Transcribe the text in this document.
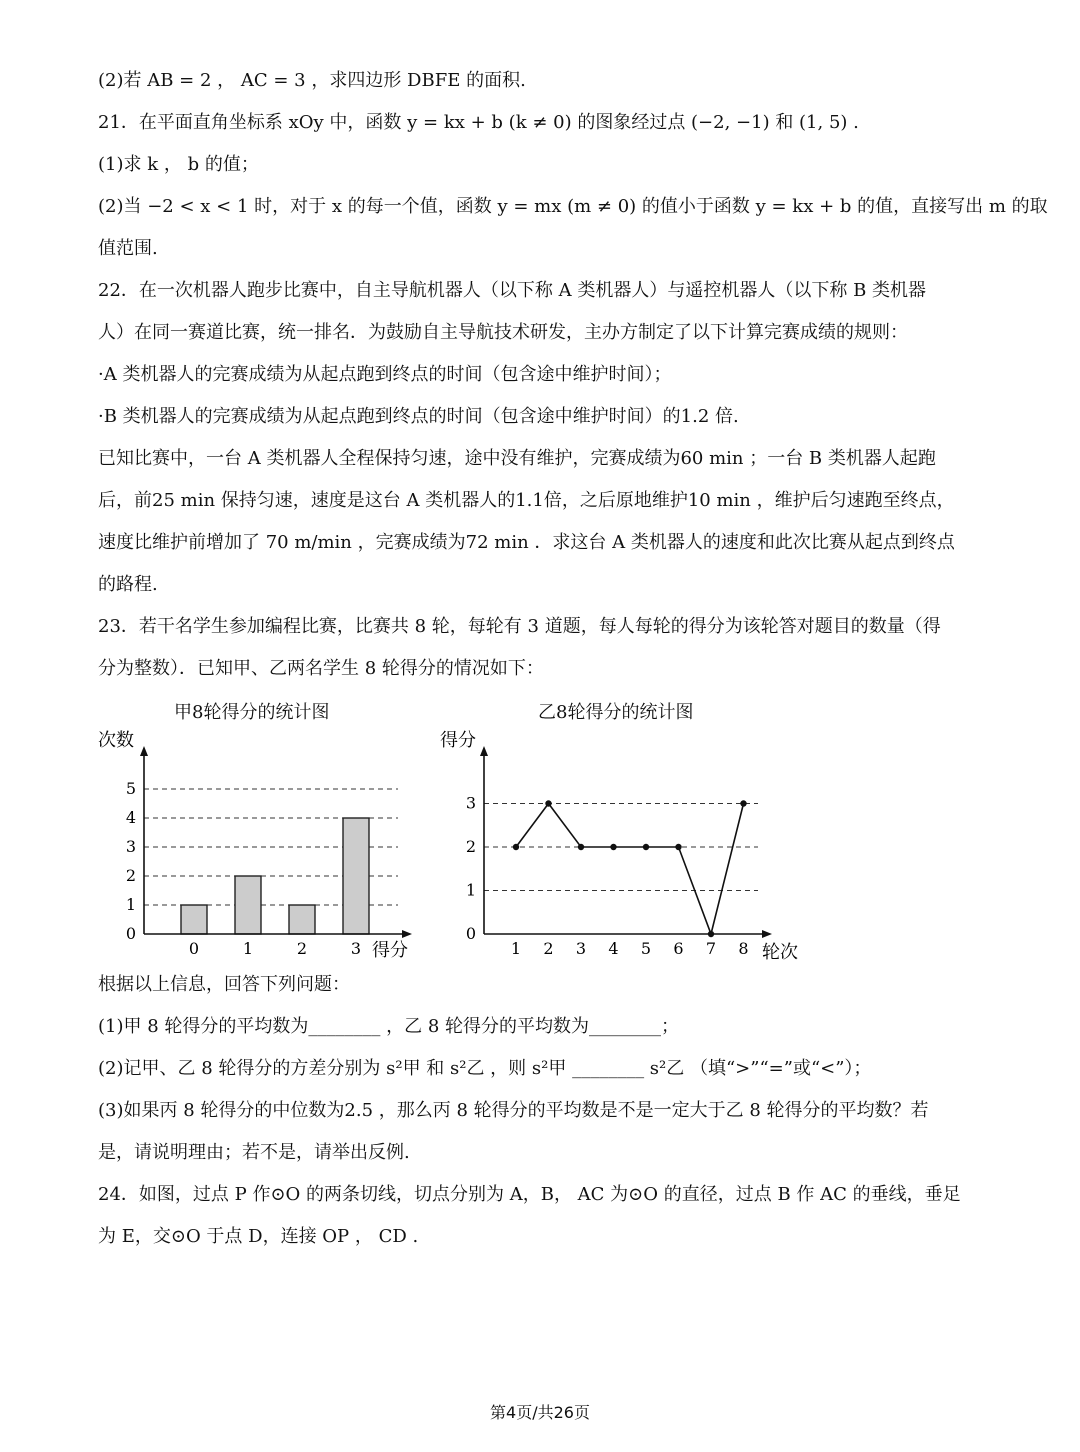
(2)若 AB = 2 ， AC = 3 ，求四边形 DBFE 的面积.

21．在平面直角坐标系 xOy 中，函数 y = kx + b (k ≠ 0) 的图象经过点 (−2, −1) 和 (1, 5) .

(1)求 k ， b 的值；

(2)当 −2 < x < 1 时，对于 x 的每一个值，函数 y = mx (m ≠ 0) 的值小于函数 y = kx + b 的值，直接写出 m 的取

值范围.

22．在一次机器人跑步比赛中，自主导航机器人（以下称 A 类机器人）与遥控机器人（以下称 B 类机器

人）在同一赛道比赛，统一排名．为鼓励自主导航技术研发，主办方制定了以下计算完赛成绩的规则：

·A 类机器人的完赛成绩为从起点跑到终点的时间（包含途中维护时间）；

·B 类机器人的完赛成绩为从起点跑到终点的时间（包含途中维护时间）的1.2 倍.

已知比赛中，一台 A 类机器人全程保持匀速，途中没有维护，完赛成绩为60 min ；一台 B 类机器人起跑

后，前25 min 保持匀速，速度是这台 A 类机器人的1.1倍，之后原地维护10 min ，维护后匀速跑至终点，

速度比维护前增加了 70 m/min ，完赛成绩为72 min ．求这台 A 类机器人的速度和此次比赛从起点到终点

的路程.

23．若干名学生参加编程比赛，比赛共 8 轮，每轮有 3 道题，每人每轮的得分为该轮答对题目的数量（得

分为整数）．已知甲、乙两名学生 8 轮得分的情况如下：

甲8轮得分的统计图	乙8轮得分的统计图
0	1	2	3
0
1
2
3
4
5
次数
得分	1 2 3 4 5 6 7 8
0
1
2
3
得分
轮次

根据以上信息，回答下列问题：

(1)甲 8 轮得分的平均数为________ ，乙 8 轮得分的平均数为________；

(2)记甲、乙 8 轮得分的方差分别为 s²甲 和 s²乙 ，则 s²甲 ________ s²乙 （填“>”“=”或“<”）；

(3)如果丙 8 轮得分的中位数为2.5 ，那么丙 8 轮得分的平均数是不是一定大于乙 8 轮得分的平均数？若

是，请说明理由；若不是，请举出反例.

24．如图，过点 P 作⊙O 的两条切线，切点分别为 A，B， AC 为⊙O 的直径，过点 B 作 AC 的垂线，垂足

为 E，交⊙O 于点 D，连接 OP ， CD .

第4页/共26页
